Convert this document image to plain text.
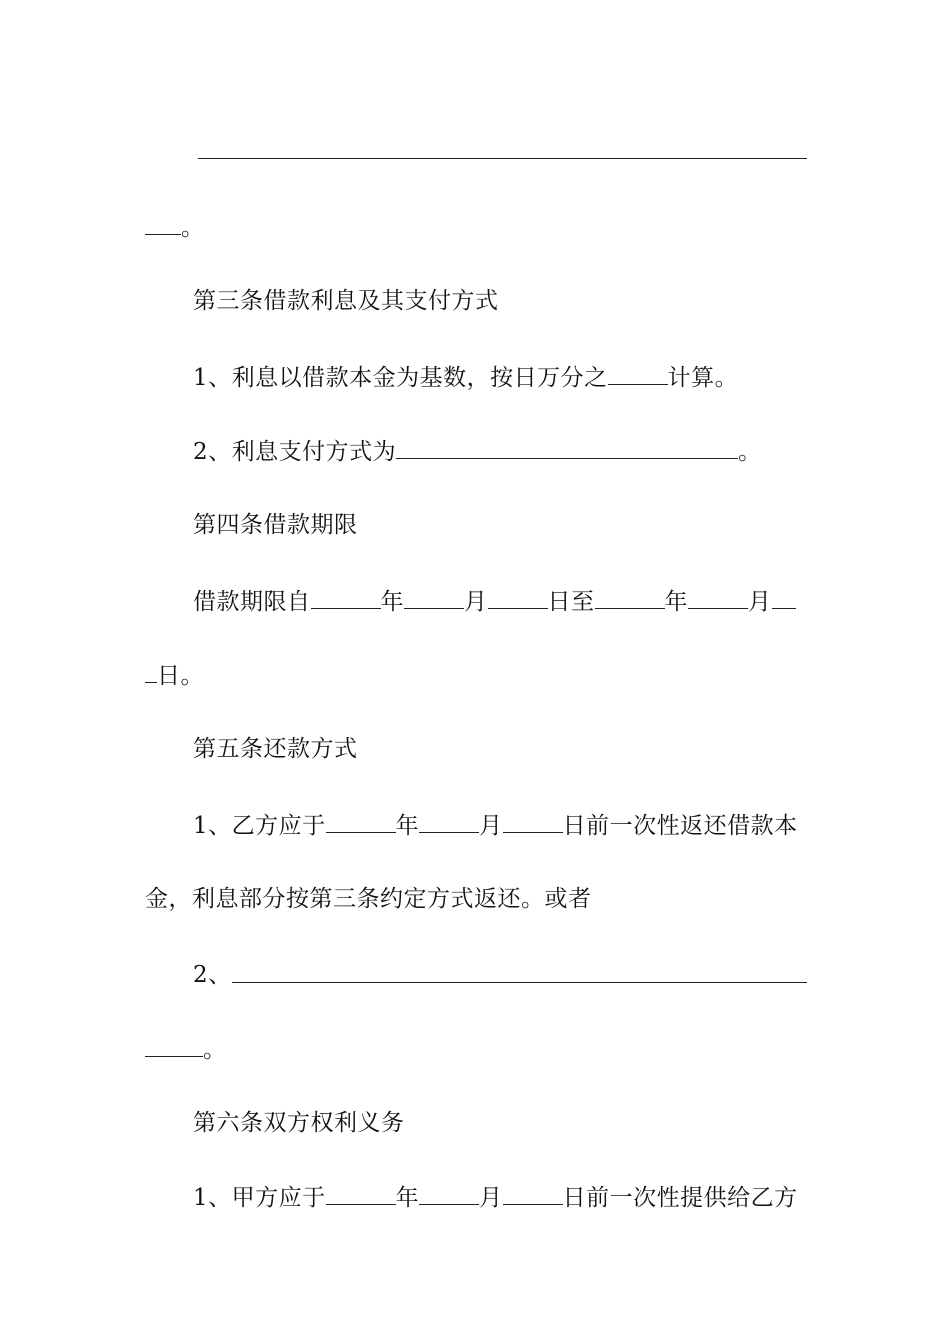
。
第三条借款利息及其支付方式
1、利息以借款本金为基数，按日万分之	计算。
2、利息支付方式为	。
第四条借款期限
借款期限自	年	月	日至	年	月
日。
第五条还款方式
1、乙方应于	年	月	日前一次性返还借款本
金，利息部分按第三条约定方式返还。或者
2、
。
第六条双方权利义务
1、甲方应于	年	月	日前一次性提供给乙方
